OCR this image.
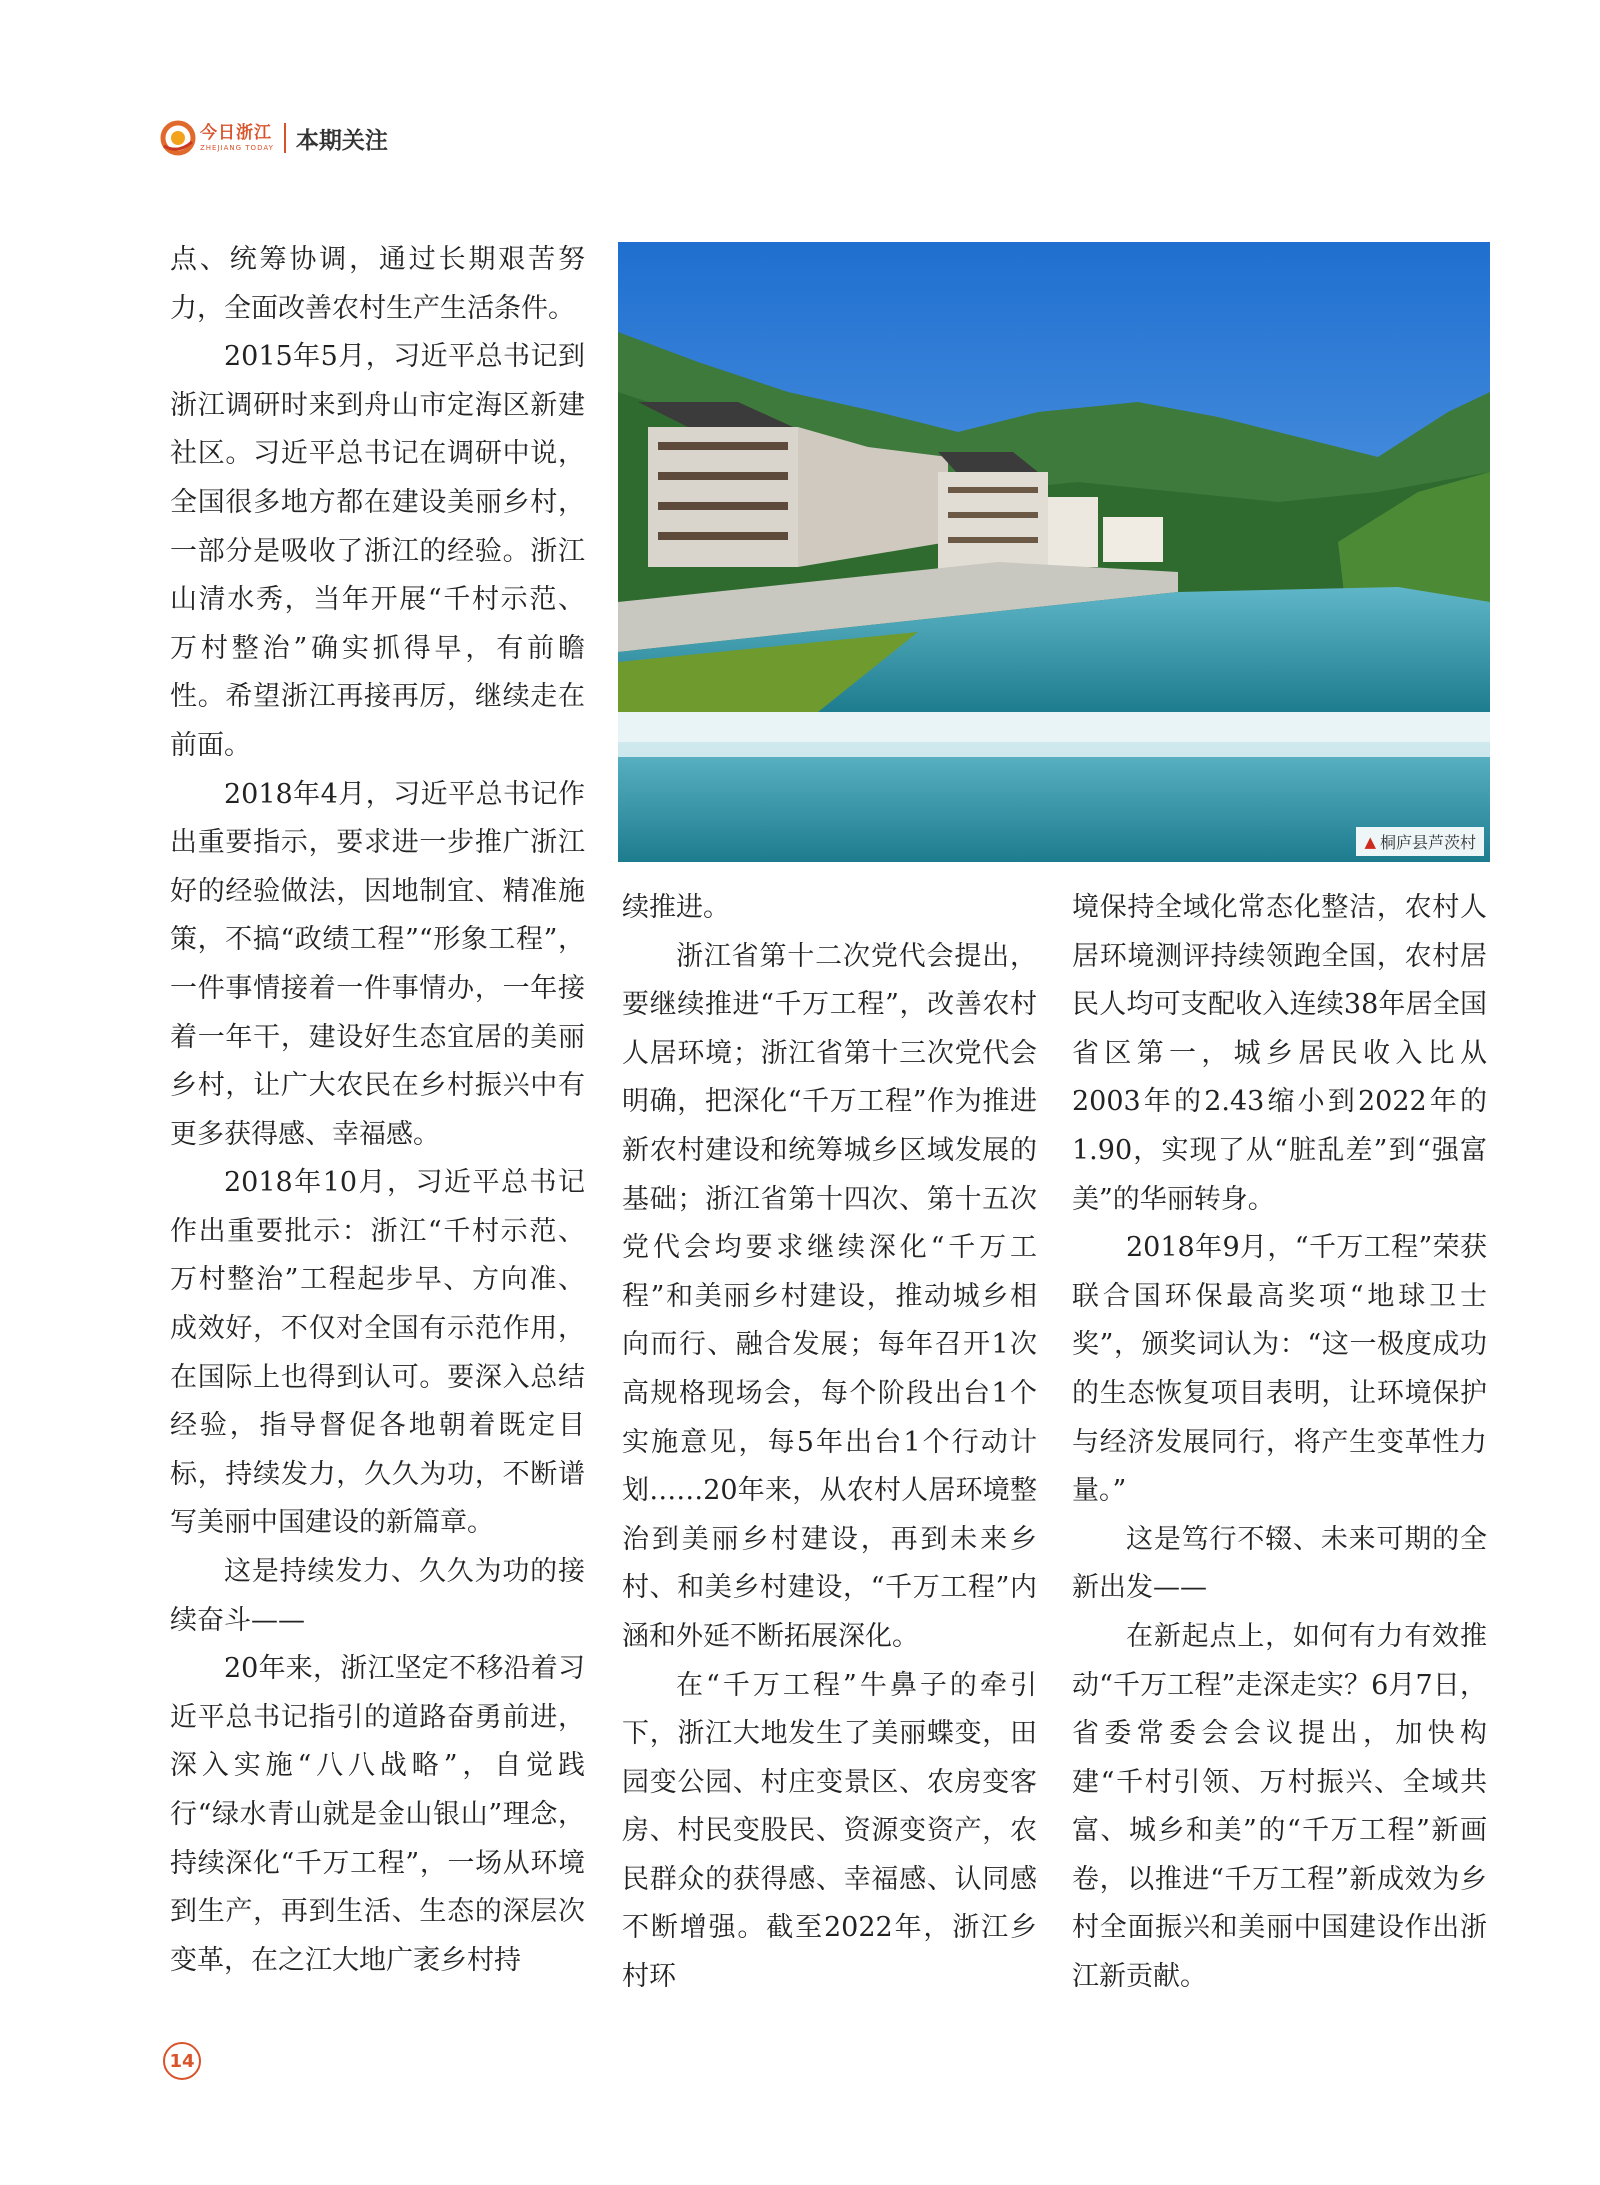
今日浙江
ZHEJIANG TODAY 本期关注

点、统筹协调，通过长期艰苦努力，全面改善农村生产生活条件。

2015年5月，习近平总书记到浙江调研时来到舟山市定海区新建社区。习近平总书记在调研中说，全国很多地方都在建设美丽乡村，一部分是吸收了浙江的经验。浙江山清水秀，当年开展“千村示范、万村整治”确实抓得早，有前瞻性。希望浙江再接再厉，继续走在前面。

2018年4月，习近平总书记作出重要指示，要求进一步推广浙江好的经验做法，因地制宜、精准施策，不搞“政绩工程”“形象工程”，一件事情接着一件事情办，一年接着一年干，建设好生态宜居的美丽乡村，让广大农民在乡村振兴中有更多获得感、幸福感。

2018年10月，习近平总书记作出重要批示：浙江“千村示范、万村整治”工程起步早、方向准、成效好，不仅对全国有示范作用，在国际上也得到认可。要深入总结经验，指导督促各地朝着既定目标，持续发力，久久为功，不断谱写美丽中国建设的新篇章。

这是持续发力、久久为功的接续奋斗——

20年来，浙江坚定不移沿着习近平总书记指引的道路奋勇前进，深入实施“八八战略”，自觉践行“绿水青山就是金山银山”理念，持续深化“千万工程”，一场从环境到生产，再到生活、生态的深层次变革，在之江大地广袤乡村持

▲ 桐庐县芦茨村

续推进。

浙江省第十二次党代会提出，要继续推进“千万工程”，改善农村人居环境；浙江省第十三次党代会明确，把深化“千万工程”作为推进新农村建设和统筹城乡区域发展的基础；浙江省第十四次、第十五次党代会均要求继续深化“千万工程”和美丽乡村建设，推动城乡相向而行、融合发展；每年召开1次高规格现场会，每个阶段出台1个实施意见，每5年出台1个行动计划……20年来，从农村人居环境整治到美丽乡村建设，再到未来乡村、和美乡村建设，“千万工程”内涵和外延不断拓展深化。

在“千万工程”牛鼻子的牵引下，浙江大地发生了美丽蝶变，田园变公园、村庄变景区、农房变客房、村民变股民、资源变资产，农民群众的获得感、幸福感、认同感不断增强。截至2022年，浙江乡村环

境保持全域化常态化整洁，农村人居环境测评持续领跑全国，农村居民人均可支配收入连续38年居全国省区第一，城乡居民收入比从2003年的2.43缩小到2022年的1.90，实现了从“脏乱差”到“强富美”的华丽转身。

2018年9月，“千万工程”荣获联合国环保最高奖项“地球卫士奖”，颁奖词认为：“这一极度成功的生态恢复项目表明，让环境保护与经济发展同行，将产生变革性力量。”

这是笃行不辍、未来可期的全新出发——

在新起点上，如何有力有效推动“千万工程”走深走实？6月7日，省委常委会会议提出，加快构建“千村引领、万村振兴、全域共富、城乡和美”的“千万工程”新画卷，以推进“千万工程”新成效为乡村全面振兴和美丽中国建设作出浙江新贡献。

14
